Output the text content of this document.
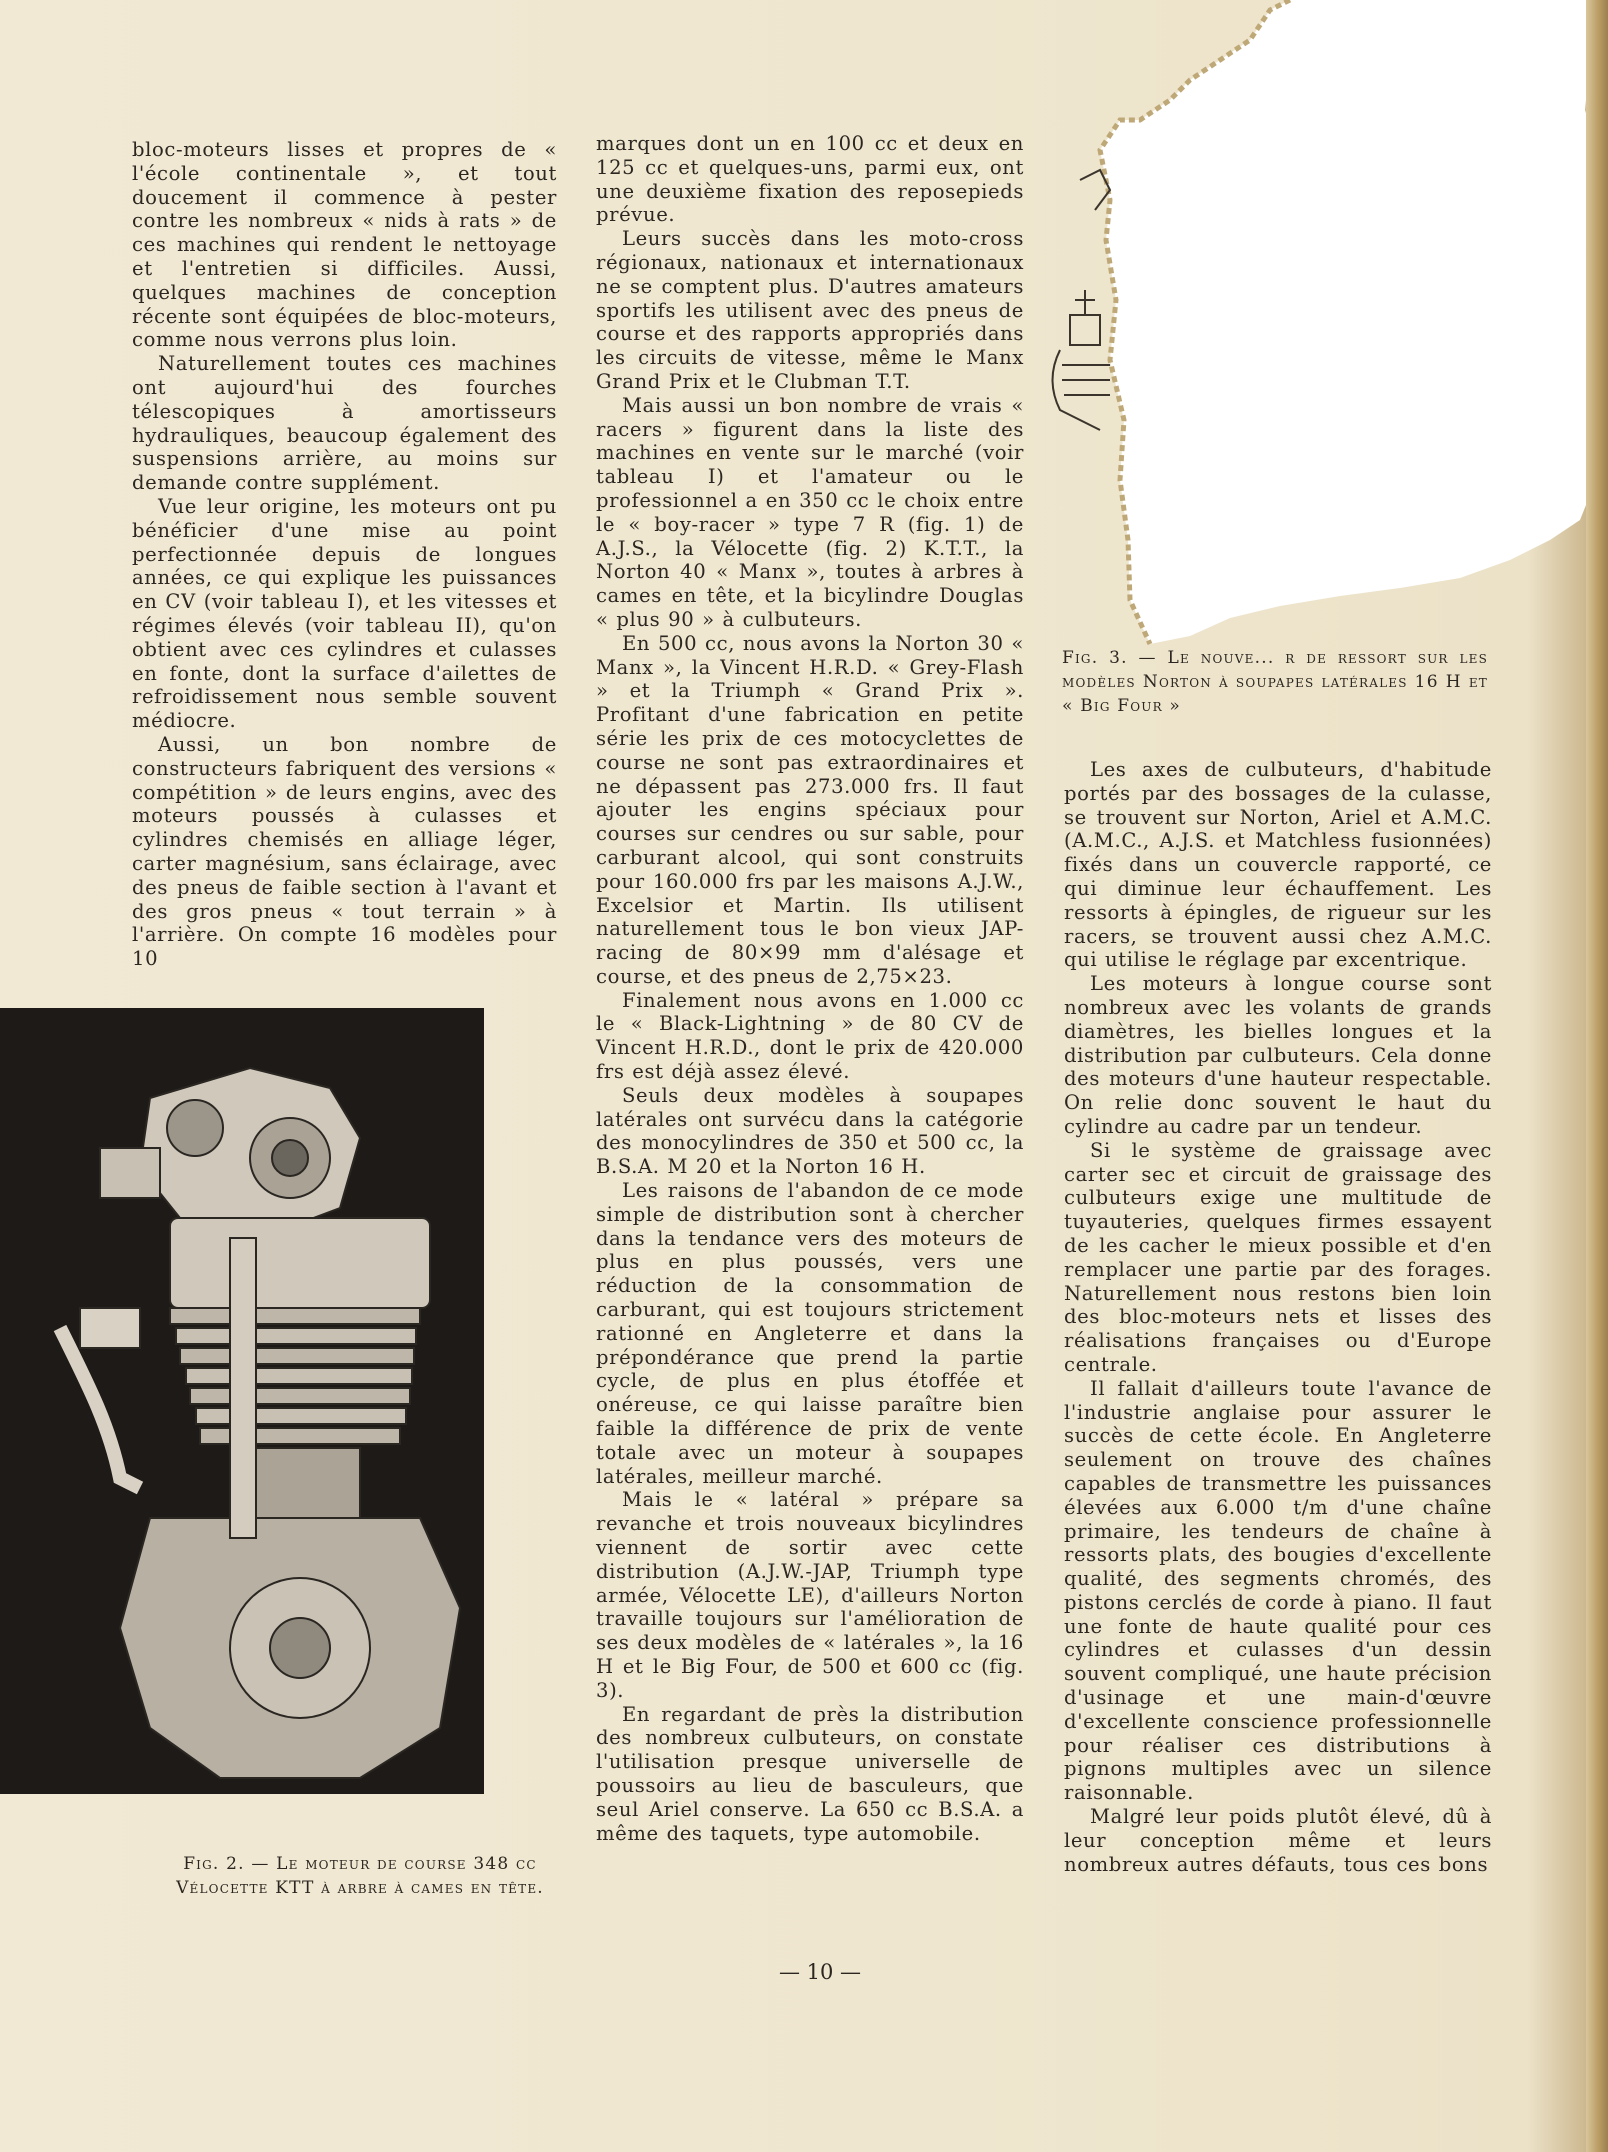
bloc-moteurs lisses et propres de « l'école continentale », et tout doucement il commence à pester contre les nombreux « nids à rats » de ces machines qui rendent le nettoyage et l'entretien si difficiles. Aussi, quelques machines de conception récente sont équipées de bloc-moteurs, comme nous verrons plus loin.

Naturellement toutes ces machines ont aujourd'hui des fourches télescopiques à amortisseurs hydrauliques, beaucoup également des suspensions arrière, au moins sur demande contre supplément.

Vue leur origine, les moteurs ont pu bénéficier d'une mise au point perfectionnée depuis de longues années, ce qui explique les puissances en CV (voir tableau I), et les vitesses et régimes élevés (voir tableau II), qu'on obtient avec ces cylindres et culasses en fonte, dont la surface d'ailettes de refroidissement nous semble souvent médiocre.

Aussi, un bon nombre de constructeurs fabriquent des versions « compétition » de leurs engins, avec des moteurs poussés à culasses et cylindres chemisés en alliage léger, carter magnésium, sans éclairage, avec des pneus de faible section à l'avant et des gros pneus « tout terrain » à l'arrière. On compte 16 modèles pour 10

marques dont un en 100 cc et deux en 125 cc et quelques-uns, parmi eux, ont une deuxième fixation des reposepieds prévue.

Leurs succès dans les moto-cross régionaux, nationaux et internationaux ne se comptent plus. D'autres amateurs sportifs les utilisent avec des pneus de course et des rapports appropriés dans les circuits de vitesse, même le Manx Grand Prix et le Clubman T.T.

Mais aussi un bon nombre de vrais « racers » figurent dans la liste des machines en vente sur le marché (voir tableau I) et l'amateur ou le professionnel a en 350 cc le choix entre le « boy-racer » type 7 R (fig. 1) de A.J.S., la Vélocette (fig. 2) K.T.T., la Norton 40 « Manx », toutes à arbres à cames en tête, et la bicylindre Douglas « plus 90 » à culbuteurs.

En 500 cc, nous avons la Norton 30 « Manx », la Vincent H.R.D. « Grey-Flash » et la Triumph « Grand Prix ». Profitant d'une fabrication en petite série les prix de ces motocyclettes de course ne sont pas extraordinaires et ne dépassent pas 273.000 frs. Il faut ajouter les engins spéciaux pour courses sur cendres ou sur sable, pour carburant alcool, qui sont construits pour 160.000 frs par les maisons A.J.W., Excelsior et Martin. Ils utilisent naturellement tous le bon vieux JAP-racing de 80×99 mm d'alésage et course, et des pneus de 2,75×23.

Finalement nous avons en 1.000 cc le « Black-Lightning » de 80 CV de Vincent H.R.D., dont le prix de 420.000 frs est déjà assez élevé.

Seuls deux modèles à soupapes latérales ont survécu dans la catégorie des monocylindres de 350 et 500 cc, la B.S.A. M 20 et la Norton 16 H.

Les raisons de l'abandon de ce mode simple de distribution sont à chercher dans la tendance vers des moteurs de plus en plus poussés, vers une réduction de la consommation de carburant, qui est toujours strictement rationné en Angleterre et dans la prépondérance que prend la partie cycle, de plus en plus étoffée et onéreuse, ce qui laisse paraître bien faible la différence de prix de vente totale avec un moteur à soupapes latérales, meilleur marché.

Mais le « latéral » prépare sa revanche et trois nouveaux bicylindres viennent de sortir avec cette distribution (A.J.W.-JAP, Triumph type armée, Vélocette LE), d'ailleurs Norton travaille toujours sur l'amélioration de ses deux modèles de « latérales », la 16 H et le Big Four, de 500 et 600 cc (fig. 3).

En regardant de près la distribution des nombreux culbuteurs, on constate l'utilisation presque universelle de poussoirs au lieu de basculeurs, que seul Ariel conserve. La 650 cc B.S.A. a même des taquets, type automobile.

Les axes de culbuteurs, d'habitude portés par des bossages de la culasse, se trouvent sur Norton, Ariel et A.M.C. (A.M.C., A.J.S. et Matchless fusionnées) fixés dans un couvercle rapporté, ce qui diminue leur échauffement. Les ressorts à épingles, de rigueur sur les racers, se trouvent aussi chez A.M.C. qui utilise le réglage par excentrique.

Les moteurs à longue course sont nombreux avec les volants de grands diamètres, les bielles longues et la distribution par culbuteurs. Cela donne des moteurs d'une hauteur respectable. On relie donc souvent le haut du cylindre au cadre par un tendeur.

Si le système de graissage avec carter sec et circuit de graissage des culbuteurs exige une multitude de tuyauteries, quelques firmes essayent de les cacher le mieux possible et d'en remplacer une partie par des forages. Naturellement nous restons bien loin des bloc-moteurs nets et lisses des réalisations françaises ou d'Europe centrale.

Il fallait d'ailleurs toute l'avance de l'industrie anglaise pour assurer le succès de cette école. En Angleterre seulement on trouve des chaînes capables de transmettre les puissances élevées aux 6.000 t/m d'une chaîne primaire, les tendeurs de chaîne à ressorts plats, des bougies d'excellente qualité, des segments chromés, des pistons cerclés de corde à piano. Il faut une fonte de haute qualité pour ces cylindres et culasses d'un dessin souvent compliqué, une haute précision d'usinage et une main-d'œuvre d'excellente conscience professionnelle pour réaliser ces distributions à pignons multiples avec un silence raisonnable.

Malgré leur poids plutôt élevé, dû à leur conception même et leurs nombreux autres défauts, tous ces bons

Fig. 2. — Le moteur de course 348 cc Vélocette KTT à arbre à cames en tête.
Fig. 3. — Le nouve... r de ressort sur les modèles Norton à soupapes latérales 16 H et « Big Four »
— 10 —
